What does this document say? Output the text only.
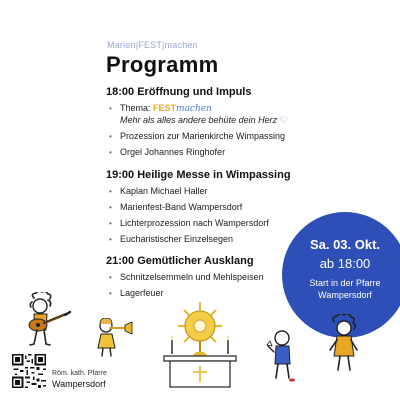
Marien|FEST|machen
Programm
18:00 Eröffnung und Impuls
• Thema: FESTmachen
Mehr als alles andere behüte dein Herz ♡
• Prozession zur Marienkirche Wimpassing
• Orgel Johannes Ringhofer
19:00 Heilige Messe in Wimpassing
• Kaplan Michael Haller
• Marienfest-Band Wampersdorf
• Lichterprozession nach Wampersdorf
• Eucharistischer Einzelsegen
21:00 Gemütlicher Ausklang
• Schnitzelsemmeln und Mehlspeisen
• Lagerfeuer
Sa. 03. Okt.
ab 18:00
Start in der Pfarre Wampersdorf
Röm. kath. Pfarre
Wampersdorf
